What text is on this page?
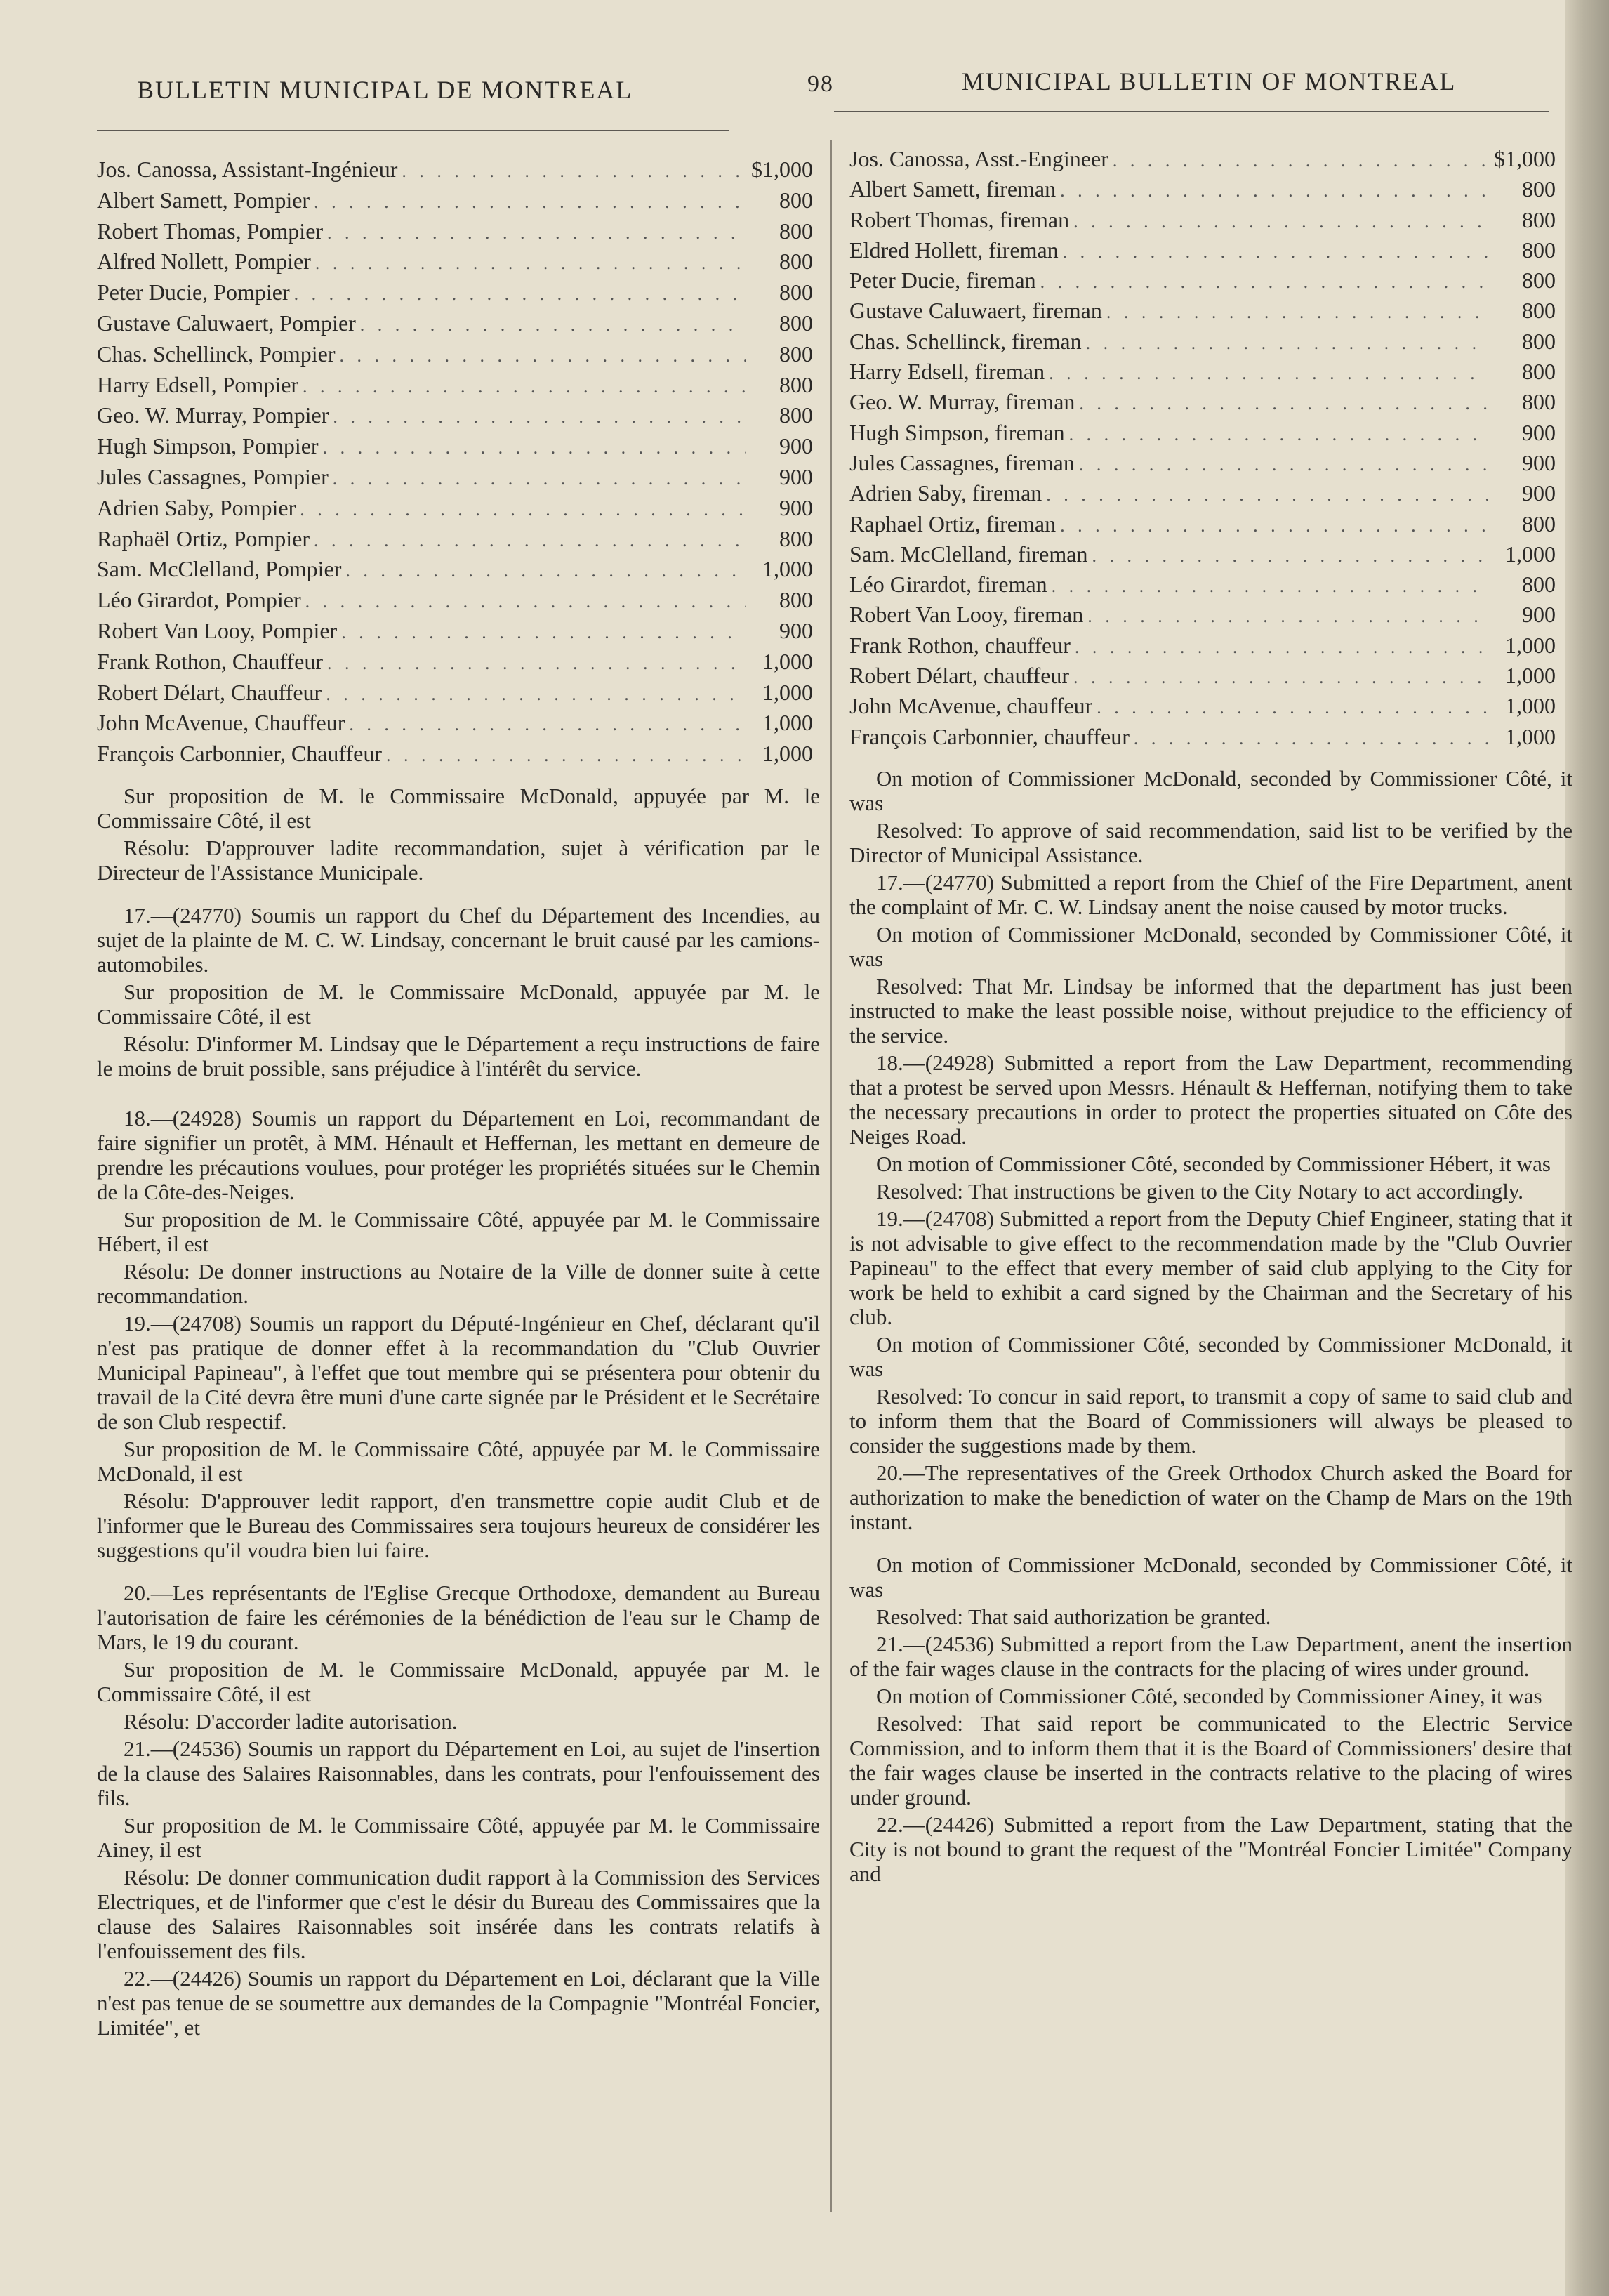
BULLETIN MUNICIPAL DE MONTREAL	98	MUNICIPAL BULLETIN OF MONTREAL
Jos. Canossa, Assistant-Ingénieur . . .	$1,000
Albert Samett, Pompier . . .	800
Robert Thomas, Pompier . . .	800
Alfred Nollett, Pompier . . .	800
Peter Ducie, Pompier . . .	800
Gustave Caluwaert, Pompier . . .	800
Chas. Schellinck, Pompier . . .	800
Harry Edsell, Pompier . . .	800
Geo. W. Murray, Pompier . . .	800
Hugh Simpson, Pompier . . .	900
Jules Cassagnes, Pompier . . .	900
Adrien Saby, Pompier . . .	900
Raphaël Ortiz, Pompier . . .	800
Sam. McClelland, Pompier . . .	1,000
Léo Girardot, Pompier . . .	800
Robert Van Looy, Pompier . . .	900
Frank Rothon, Chauffeur . . .	1,000
Robert Délart, Chauffeur . . .	1,000
John McAvenue, Chauffeur . . .	1,000
François Carbonnier, Chauffeur . . .	1,000

Sur proposition de M. le Commissaire McDonald, appuyée par M. le Commissaire Côté, il est

Résolu: D'approuver ladite recommandation, sujet à vérification par le Directeur de l'Assistance Municipale.

17.—(24770) Soumis un rapport du Chef du Département des Incendies, au sujet de la plainte de M. C. W. Lindsay, concernant le bruit causé par les camions-automobiles.

Sur proposition de M. le Commissaire McDonald, appuyée par M. le Commissaire Côté, il est

Résolu: D'informer M. Lindsay que le Département a reçu instructions de faire le moins de bruit possible, sans préjudice à l'intérêt du service.

18.—(24928) Soumis un rapport du Département en Loi, recommandant de faire signifier un protêt, à MM. Hénault et Heffernan, les mettant en demeure de prendre les précautions voulues, pour protéger les propriétés situées sur le Chemin de la Côte-des-Neiges.

Sur proposition de M. le Commissaire Côté, appuyée par M. le Commissaire Hébert, il est

Résolu: De donner instructions au Notaire de la Ville de donner suite à cette recommandation.

19.—(24708) Soumis un rapport du Député-Ingénieur en Chef, déclarant qu'il n'est pas pratique de donner effet à la recommandation du "Club Ouvrier Municipal Papineau", à l'effet que tout membre qui se présentera pour obtenir du travail de la Cité devra être muni d'une carte signée par le Président et le Secrétaire de son Club respectif.

Sur proposition de M. le Commissaire Côté, appuyée par M. le Commissaire McDonald, il est

Résolu: D'approuver ledit rapport, d'en transmettre copie audit Club et de l'informer que le Bureau des Commissaires sera toujours heureux de considérer les suggestions qu'il voudra bien lui faire.

20.—Les représentants de l'Eglise Grecque Orthodoxe, demandent au Bureau l'autorisation de faire les cérémonies de la bénédiction de l'eau sur le Champ de Mars, le 19 du courant.

Sur proposition de M. le Commissaire McDonald, appuyée par M. le Commissaire Côté, il est

Résolu: D'accorder ladite autorisation.

21.—(24536) Soumis un rapport du Département en Loi, au sujet de l'insertion de la clause des Salaires Raisonnables, dans les contrats, pour l'enfouissement des fils.

Sur proposition de M. le Commissaire Côté, appuyée par M. le Commissaire Ainey, il est

Résolu: De donner communication dudit rapport à la Commission des Services Electriques, et de l'informer que c'est le désir du Bureau des Commissaires que la clause des Salaires Raisonnables soit insérée dans les contrats relatifs à l'enfouissement des fils.

22.—(24426) Soumis un rapport du Département en Loi, déclarant que la Ville n'est pas tenue de se soumettre aux demandes de la Compagnie "Montréal Foncier, Limitée", et

Jos. Canossa, Asst.-Engineer . . .	$1,000
Albert Samett, fireman . . .	800
Robert Thomas, fireman . . .	800
Eldred Hollett, fireman . . .	800
Peter Ducie, fireman . . .	800
Gustave Caluwaert, fireman . . .	800
Chas. Schellinck, fireman . . .	800
Harry Edsell, fireman . . .	800
Geo. W. Murray, fireman . . .	800
Hugh Simpson, fireman . . .	900
Jules Cassagnes, fireman . . .	900
Adrien Saby, fireman . . .	900
Raphael Ortiz, fireman . . .	800
Sam. McClelland, fireman . . .	1,000
Léo Girardot, fireman . . .	800
Robert Van Looy, fireman . . .	900
Frank Rothon, chauffeur . . .	1,000
Robert Délart, chauffeur . . .	1,000
John McAvenue, chauffeur . . .	1,000
François Carbonnier, chauffeur . . .	1,000

On motion of Commissioner McDonald, seconded by Commissioner Côté, it was

Resolved: To approve of said recommendation, said list to be verified by the Director of Municipal Assistance.

17.—(24770) Submitted a report from the Chief of the Fire Department, anent the complaint of Mr. C. W. Lindsay anent the noise caused by motor trucks.

On motion of Commissioner McDonald, seconded by Commissioner Côté, it was

Resolved: That Mr. Lindsay be informed that the department has just been instructed to make the least possible noise, without prejudice to the efficiency of the service.

18.—(24928) Submitted a report from the Law Department, recommending that a protest be served upon Messrs. Hénault & Heffernan, notifying them to take the necessary precautions in order to protect the properties situated on Côte des Neiges Road.

On motion of Commissioner Côté, seconded by Commissioner Hébert, it was

Resolved: That instructions be given to the City Notary to act accordingly.

19.—(24708) Submitted a report from the Deputy Chief Engineer, stating that it is not advisable to give effect to the recommendation made by the "Club Ouvrier Papineau" to the effect that every member of said club applying to the City for work be held to exhibit a card signed by the Chairman and the Secretary of his club.

On motion of Commissioner Côté, seconded by Commissioner McDonald, it was

Resolved: To concur in said report, to transmit a copy of same to said club and to inform them that the Board of Commissioners will always be pleased to consider the suggestions made by them.

20.—The representatives of the Greek Orthodox Church asked the Board for authorization to make the benediction of water on the Champ de Mars on the 19th instant.

On motion of Commissioner McDonald, seconded by Commissioner Côté, it was

Resolved: That said authorization be granted.

21.—(24536) Submitted a report from the Law Department, anent the insertion of the fair wages clause in the contracts for the placing of wires under ground.

On motion of Commissioner Côté, seconded by Commissioner Ainey, it was

Resolved: That said report be communicated to the Electric Service Commission, and to inform them that it is the Board of Commissioners' desire that the fair wages clause be inserted in the contracts relative to the placing of wires under ground.

22.—(24426) Submitted a report from the Law Department, stating that the City is not bound to grant the request of the "Montréal Foncier Limitée" Company and
